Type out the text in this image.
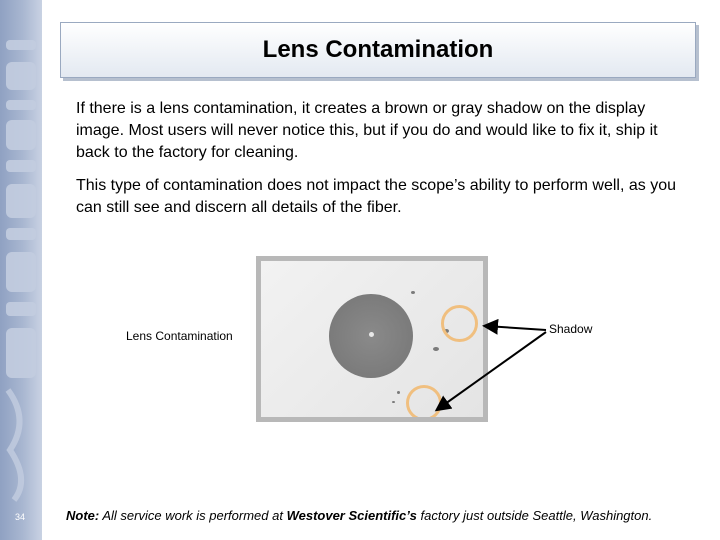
34
Lens Contamination

If there is a lens contamination, it creates a brown or gray shadow on the display image. Most users will never notice this, but if you do and would like to fix it, ship it back to the factory for cleaning.

This type of contamination does not impact the scope’s ability to perform well, as you can still see and discern all details of the fiber.

Lens Contamination	Shadow
Note: All service work is performed at Westover Scientific’s factory just outside Seattle, Washington.
